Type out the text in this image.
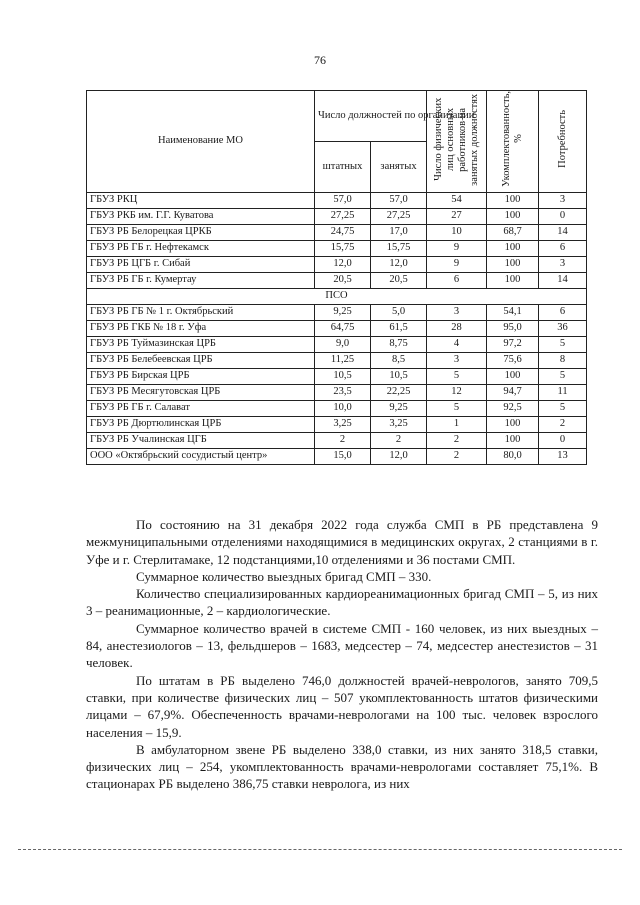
76
Наименование МО	Число должностей по организации		Число физических лиц основных работников на занятых должностях	Укомплектованность, %	Потребность
	штатных	занятых			
ГБУЗ РКЦ	57,0	57,0	54	100	3
ГБУЗ РКБ им. Г.Г. Куватова	27,25	27,25	27	100	0
ГБУЗ РБ Белорецкая ЦРКБ	24,75	17,0	10	68,7	14
ГБУЗ РБ ГБ г. Нефтекамск	15,75	15,75	9	100	6
ГБУЗ РБ ЦГБ г. Сибай	12,0	12,0	9	100	3
ГБУЗ РБ ГБ г. Кумертау	20,5	20,5	6	100	14
ПСО					
ГБУЗ РБ ГБ № 1 г. Октябрьский	9,25	5,0	3	54,1	6
ГБУЗ РБ ГКБ № 18 г. Уфа	64,75	61,5	28	95,0	36
ГБУЗ РБ Туймазинская ЦРБ	9,0	8,75	4	97,2	5
ГБУЗ РБ Белебеевская ЦРБ	11,25	8,5	3	75,6	8
ГБУЗ РБ Бирская ЦРБ	10,5	10,5	5	100	5
ГБУЗ РБ Месягутовская ЦРБ	23,5	22,25	12	94,7	11
ГБУЗ РБ ГБ г. Салават	10,0	9,25	5	92,5	5
ГБУЗ РБ Дюртюлинская ЦРБ	3,25	3,25	1	100	2
ГБУЗ РБ Учалинская ЦГБ	2	2	2	100	0
ООО «Октябрьский сосудистый центр»	15,0	12,0	2	80,0	13

По состоянию на 31 декабря 2022 года служба СМП в РБ представлена 9 межмуниципальными отделениями находящимися в медицинских округах, 2 станциями в г. Уфе и г. Стерлитамаке, 12 подстанциями,10 отделениями и 36 постами СМП.

Суммарное количество выездных бригад СМП – 330.

Количество специализированных кардиореанимационных бригад СМП – 5, из них 3 – реанимационные, 2 – кардиологические.

Суммарное количество врачей в системе СМП - 160 человек, из них выездных – 84, анестезиологов – 13, фельдшеров – 1683, медсестер – 74, медсестер анестезистов – 31 человек.

По штатам в РБ выделено 746,0 должностей врачей-неврологов, занято 709,5 ставки, при количестве физических лиц – 507 укомплектованность штатов физическими лицами – 67,9%. Обеспеченность врачами-неврологами на 100 тыс. человек взрослого населения – 15,9.

В амбулаторном звене РБ выделено 338,0 ставки, из них занято 318,5 ставки, физических лиц – 254, укомплектованность врачами-неврологами составляет 75,1%. В стационарах РБ выделено 386,75 ставки невролога, из них
